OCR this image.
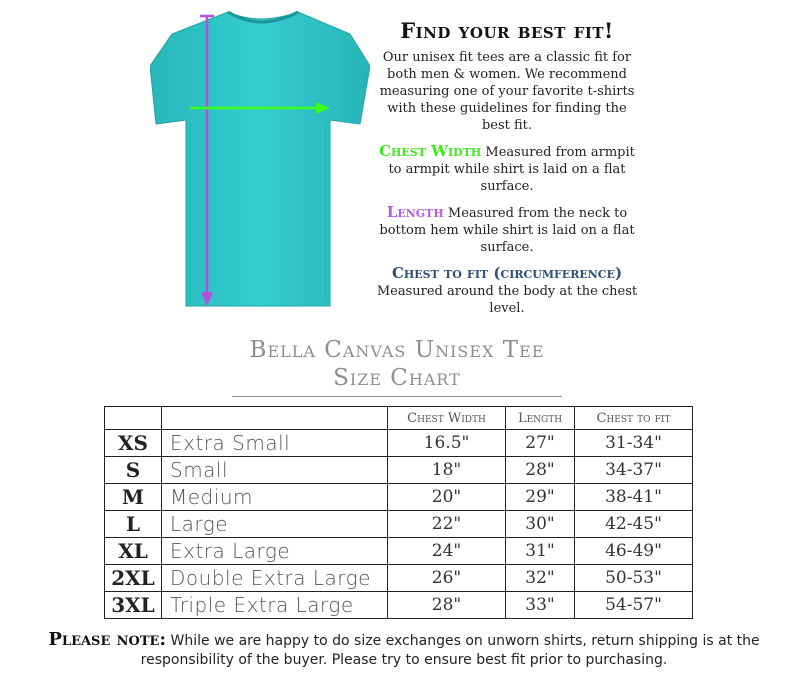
Find your best fit!

Our unisex fit tees are a classic fit for both men & women. We recommend measuring one of your favorite t-shirts with these guidelines for finding the best fit.

Chest Width Measured from armpit to armpit while shirt is laid on a flat surface.

Length Measured from the neck to bottom hem while shirt is laid on a flat surface.

Chest to fit (circumference)
Measured around the body at the chest level.

Bella Canvas Unisex Tee
Size Chart
		Chest Width	Length	Chest to fit
XS	Extra Small	16.5"	27"	31-34"
S	Small	18"	28"	34-37"
M	Medium	20"	29"	38-41"
L	Large	22"	30"	42-45"
XL	Extra Large	24"	31"	46-49"
2XL	Double Extra Large	26"	32"	50-53"
3XL	Triple Extra Large	28"	33"	54-57"
Please note: While we are happy to do size exchanges on unworn shirts, return shipping is at the responsibility of the buyer. Please try to ensure best fit prior to purchasing.
